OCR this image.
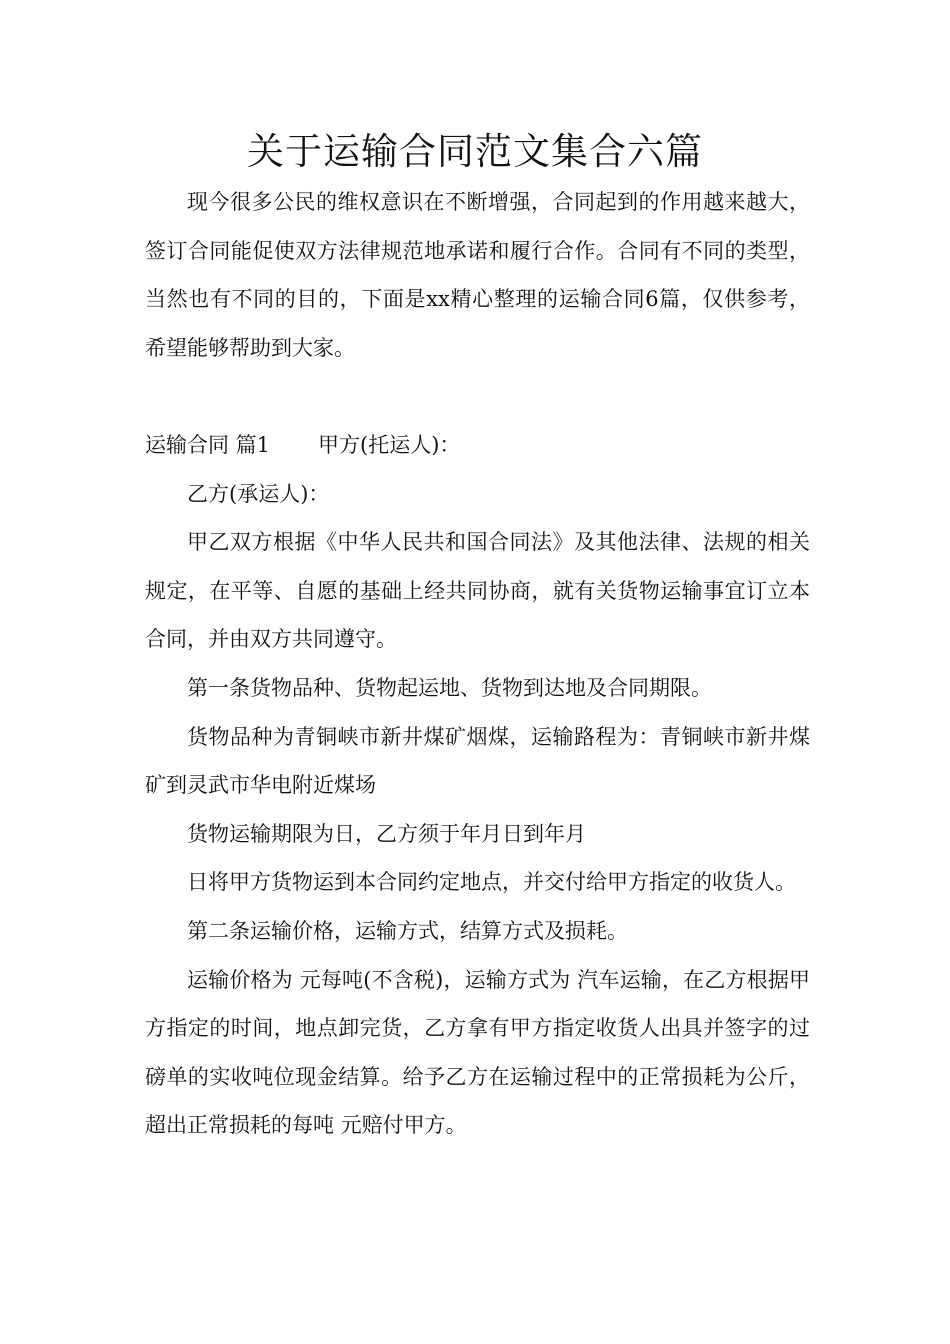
关于运输合同范文集合六篇

现今很多公民的维权意识在不断增强，合同起到的作用越来越大，签订合同能促使双方法律规范地承诺和履行合作。合同有不同的类型，当然也有不同的目的，下面是xx精心整理的运输合同6篇，仅供参考，希望能够帮助到大家。

运输合同 篇1 甲方(托运人)：

乙方(承运人)：

甲乙双方根据《中华人民共和国合同法》及其他法律、法规的相关规定，在平等、自愿的基础上经共同协商，就有关货物运输事宜订立本合同，并由双方共同遵守。

第一条货物品种、货物起运地、货物到达地及合同期限。

货物品种为青铜峡市新井煤矿烟煤，运输路程为：青铜峡市新井煤矿到灵武市华电附近煤场

货物运输期限为日，乙方须于年月日到年月

日将甲方货物运到本合同约定地点，并交付给甲方指定的收货人。

第二条运输价格，运输方式，结算方式及损耗。

运输价格为 元每吨(不含税)，运输方式为 汽车运输，在乙方根据甲方指定的时间，地点卸完货，乙方拿有甲方指定收货人出具并签字的过磅单的实收吨位现金结算。给予乙方在运输过程中的正常损耗为公斤，超出正常损耗的每吨 元赔付甲方。
